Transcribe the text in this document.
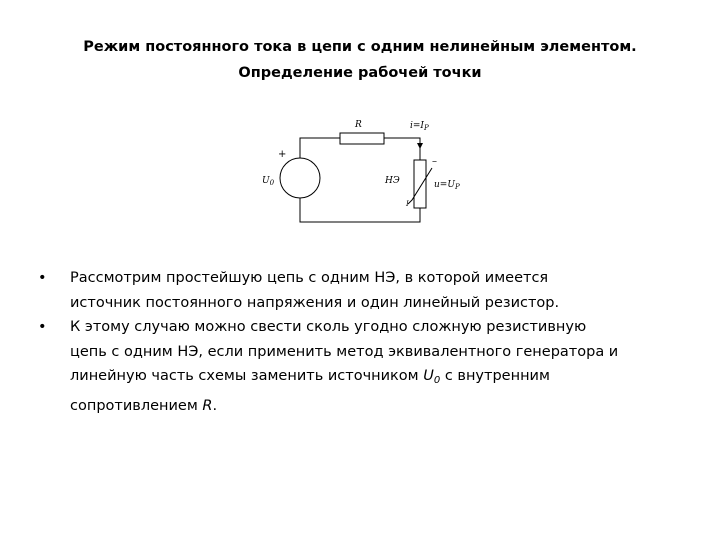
Режим постоянного тока в цепи с одним нелинейным элементом.
Определение рабочей точки
R	$i=I_P$
+
$U_0$
–
НЭ	$u=U_P$
I
• Рассмотрим простейшую цепь с одним НЭ, в которой имеется
источник постоянного напряжения и один линейный резистор.
• К этому случаю можно свести сколь угодно сложную резистивную
цепь с одним НЭ, если применить метод эквивалентного генератора и
линейную часть схемы заменить источником $U_0$ с внутренним
сопротивлением R.
